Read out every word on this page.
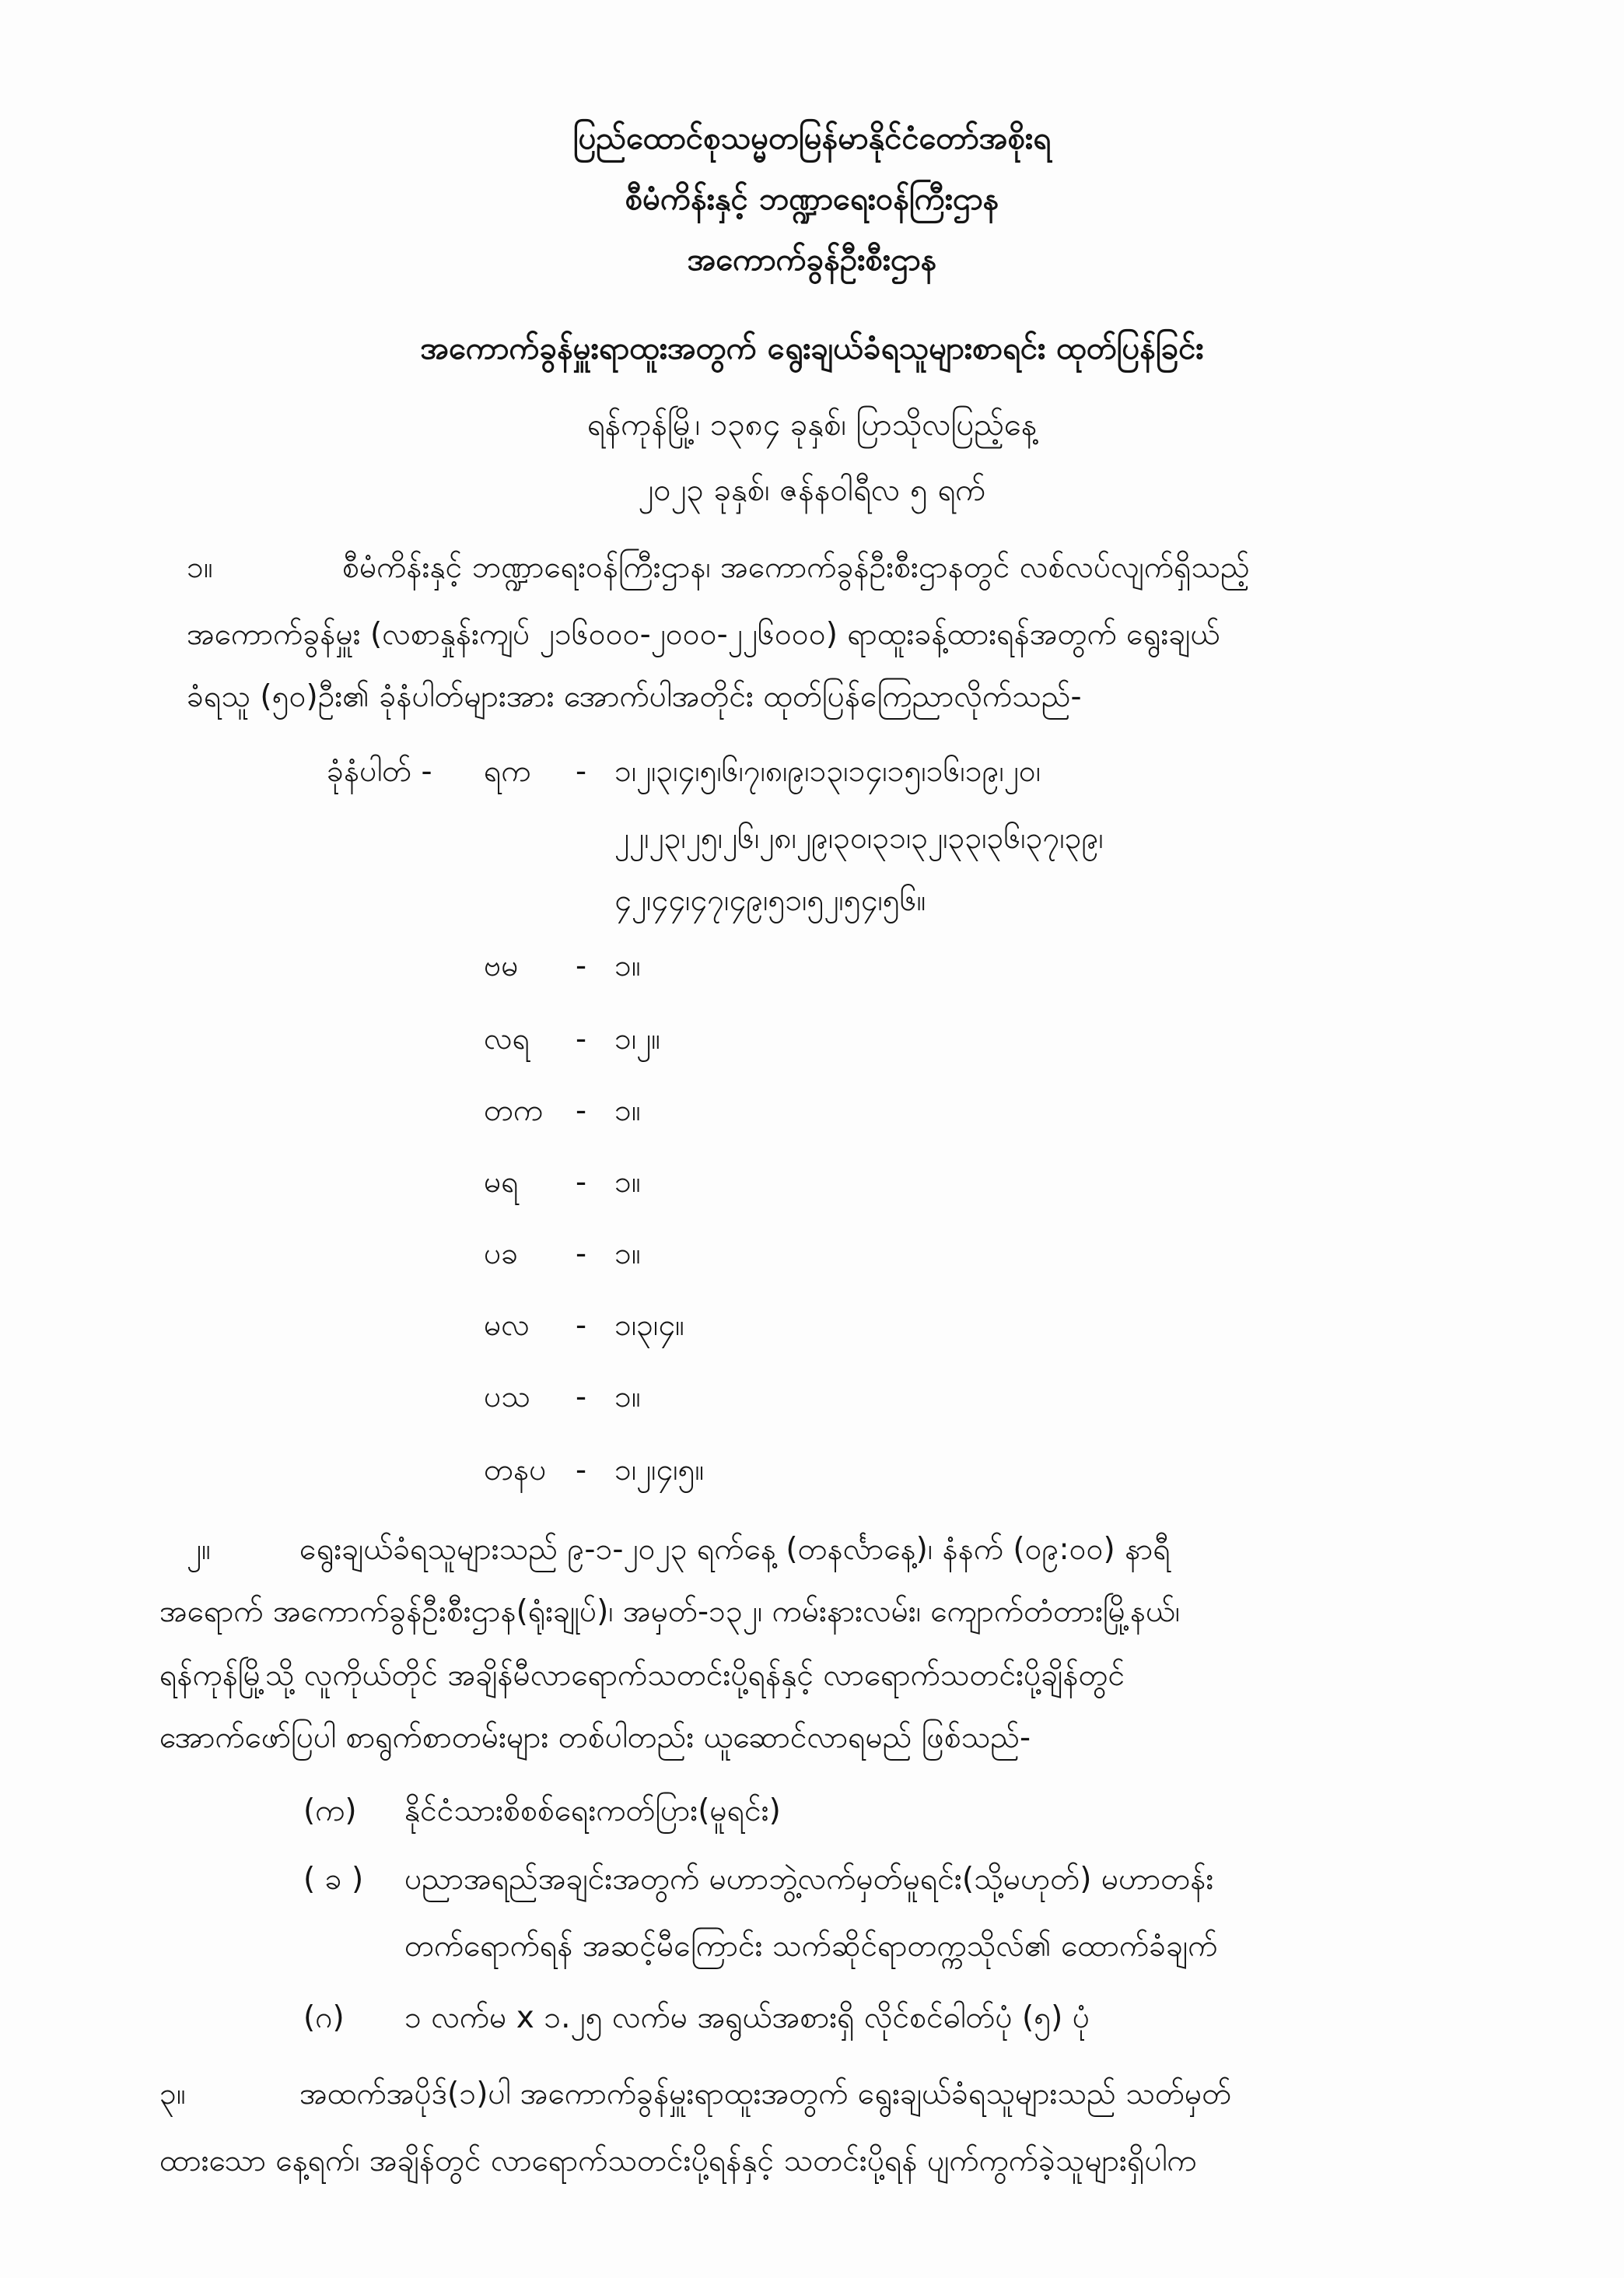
ပြည်ထောင်စုသမ္မတမြန်မာနိုင်ငံတော်အစိုးရ
စီမံကိန်းနှင့် ဘဏ္ဍာရေးဝန်ကြီးဌာန
အကောက်ခွန်ဦးစီးဌာန
အကောက်ခွန်မှူးရာထူးအတွက် ရွေးချယ်ခံရသူများစာရင်း ထုတ်ပြန်ခြင်း
ရန်ကုန်မြို့၊ ၁၃၈၄ ခုနှစ်၊ ပြာသိုလပြည့်နေ့
၂၀၂၃ ခုနှစ်၊ ဇန်နဝါရီလ ၅ ရက်
၁။	စီမံကိန်းနှင့် ဘဏ္ဍာရေးဝန်ကြီးဌာန၊ အကောက်ခွန်ဦးစီးဌာနတွင် လစ်လပ်လျက်ရှိသည့်
အကောက်ခွန်မှူး (လစာနှုန်းကျပ် ၂၁၆၀၀၀-၂၀၀၀-၂၂၆၀၀၀) ရာထူးခန့်ထားရန်အတွက် ရွေးချယ်
ခံရသူ (၅၀)ဦး၏ ခုံနံပါတ်များအား အောက်ပါအတိုင်း ထုတ်ပြန်ကြေညာလိုက်သည်-
ခုံနံပါတ် - ရက - ၁၊၂၊၃၊၄၊၅၊၆၊၇၊၈၊၉၊၁၃၊၁၄၊၁၅၊၁၆၊၁၉၊၂၀၊
၂၂၊၂၃၊၂၅၊၂၆၊၂၈၊၂၉၊၃၀၊၃၁၊၃၂၊၃၃၊၃၆၊၃၇၊၃၉၊
၄၂၊၄၄၊၄၇၊၄၉၊၅၁၊၅၂၊၅၄၊၅၆။
ဗမ - ၁။
လရ - ၁၊၂။
တက - ၁။
မရ - ၁။
ပခ - ၁။
မလ - ၁၊၃၊၄။
ပသ - ၁။
တနပ - ၁၊၂၊၄၊၅။
၂။	ရွေးချယ်ခံရသူများသည် ၉-၁-၂၀၂၃ ရက်နေ့ (တနင်္လာနေ့)၊ နံနက် (၀၉:၀၀) နာရီ
အရောက် အကောက်ခွန်ဦးစီးဌာန(ရုံးချုပ်)၊ အမှတ်-၁၃၂၊ ကမ်းနားလမ်း၊ ကျောက်တံတားမြို့နယ်၊
ရန်ကုန်မြို့သို့ လူကိုယ်တိုင် အချိန်မီလာရောက်သတင်းပို့ရန်နှင့် လာရောက်သတင်းပို့ချိန်တွင်
အောက်ဖော်ပြပါ စာရွက်စာတမ်းများ တစ်ပါတည်း ယူဆောင်လာရမည် ဖြစ်သည်-
(က) နိုင်ငံသားစိစစ်ရေးကတ်ပြား(မူရင်း)
( ခ ) ပညာအရည်အချင်းအတွက် မဟာဘွဲ့လက်မှတ်မူရင်း(သို့မဟုတ်) မဟာတန်း
တက်ရောက်ရန် အဆင့်မီကြောင်း သက်ဆိုင်ရာတက္ကသိုလ်၏ ထောက်ခံချက်
(ဂ) ၁ လက်မ x ၁.၂၅ လက်မ အရွယ်အစားရှိ လိုင်စင်ဓါတ်ပုံ (၅) ပုံ
၃။	အထက်အပိုဒ်(၁)ပါ အကောက်ခွန်မှူးရာထူးအတွက် ရွေးချယ်ခံရသူများသည် သတ်မှတ်
ထားသော နေ့ရက်၊ အချိန်တွင် လာရောက်သတင်းပို့ရန်နှင့် သတင်းပို့ရန် ပျက်ကွက်ခဲ့သူများရှိပါက
